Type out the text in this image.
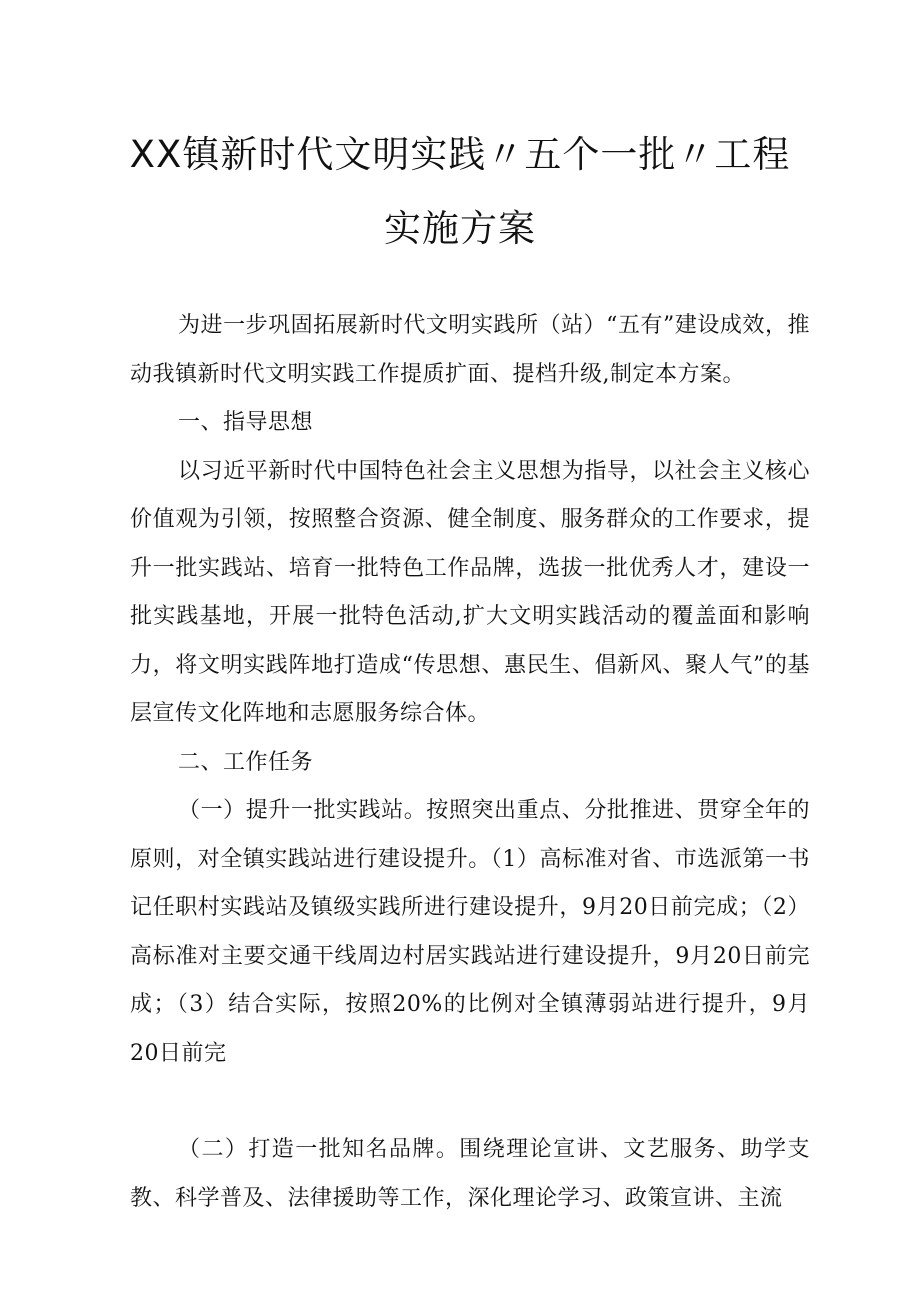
XX镇新时代文明实践〃五个一批〃工程
实施方案

为进一步巩固拓展新时代文明实践所（站）“五有”建设成效，推动我镇新时代文明实践工作提质扩面、提档升级,制定本方案。

一、指导思想

以习近平新时代中国特色社会主义思想为指导，以社会主义核心价值观为引领，按照整合资源、健全制度、服务群众的工作要求，提升一批实践站、培育一批特色工作品牌，选拔一批优秀人才，建设一批实践基地，开展一批特色活动,扩大文明实践活动的覆盖面和影响力，将文明实践阵地打造成“传思想、惠民生、倡新风、聚人气”的基层宣传文化阵地和志愿服务综合体。

二、工作任务

（一）提升一批实践站。按照突出重点、分批推进、贯穿全年的原则，对全镇实践站进行建设提升。（1）高标准对省、市选派第一书记任职村实践站及镇级实践所进行建设提升，9月20日前完成；（2）高标准对主要交通干线周边村居实践站进行建设提升，9月20日前完成；（3）结合实际，按照20%的比例对全镇薄弱站进行提升，9月20日前完

（二）打造一批知名品牌。围绕理论宣讲、文艺服务、助学支教、科学普及、法律援助等工作，深化理论学习、政策宣讲、主流
